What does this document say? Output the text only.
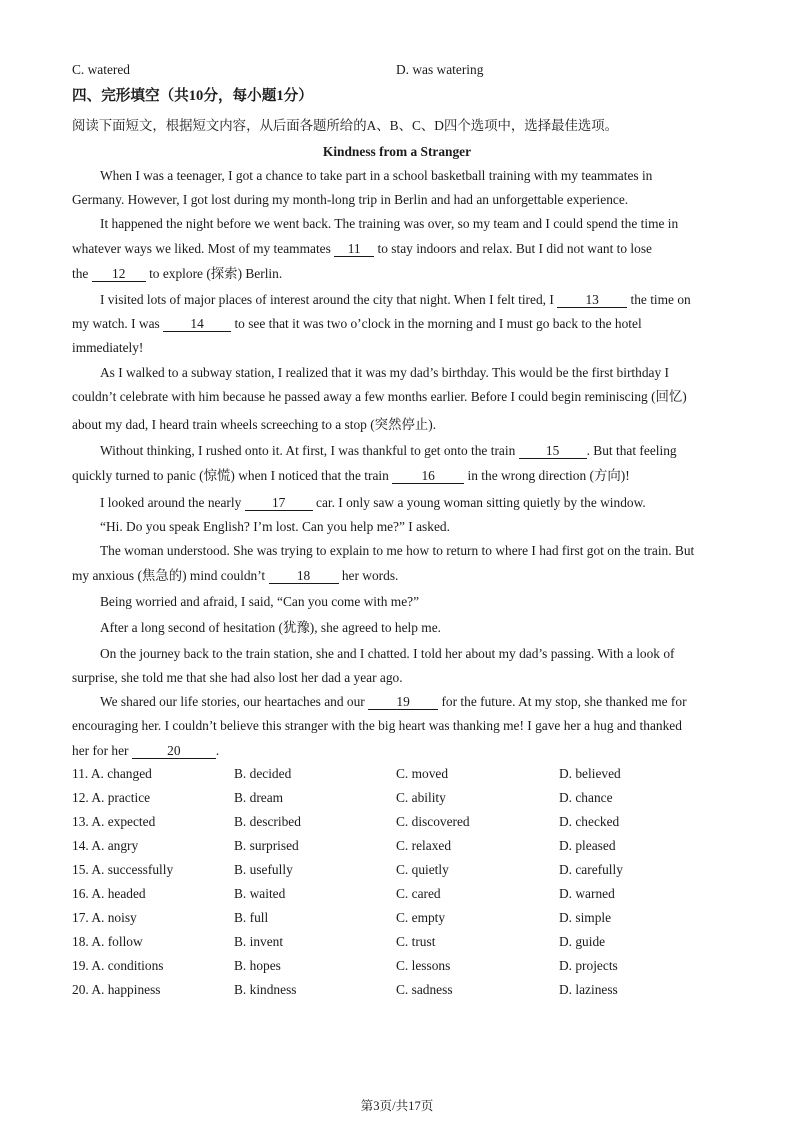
C. watered	D. was watering
四、完形填空（共10分，每小题1分）
阅读下面短文，根据短文内容，从后面各题所给的A、B、C、D四个选项中，选择最佳选项。
Kindness from a Stranger
When I was a teenager, I got a chance to take part in a school basketball training with my teammates in
Germany. However, I got lost during my month-long trip in Berlin and had an unforgettable experience.
It happened the night before we went back. The training was over, so my team and I could spend the time in
whatever ways we liked. Most of my teammates 11 to stay indoors and relax. But I did not want to lose
the 12 to explore (探索) Berlin.
I visited lots of major places of interest around the city that night. When I felt tired, I 13 the time on
my watch. I was 14 to see that it was two o’clock in the morning and I must go back to the hotel
immediately!
As I walked to a subway station, I realized that it was my dad’s birthday. This would be the first birthday I
couldn’t celebrate with him because he passed away a few months earlier. Before I could begin reminiscing (回忆)
about my dad, I heard train wheels screeching to a stop (突然停止).
Without thinking, I rushed onto it. At first, I was thankful to get onto the train 15 . But that feeling
quickly turned to panic (惊慌) when I noticed that the train 16 in the wrong direction (方向)!
I looked around the nearly 17 car. I only saw a young woman sitting quietly by the window.
“Hi. Do you speak English? I’m lost. Can you help me?” I asked.
The woman understood. She was trying to explain to me how to return to where I had first got on the train. But
my anxious (焦急的) mind couldn’t 18 her words.
Being worried and afraid, I said, “Can you come with me?”
After a long second of hesitation (犹豫), she agreed to help me.
On the journey back to the train station, she and I chatted. I told her about my dad’s passing. With a look of
surprise, she told me that she had also lost her dad a year ago.
We shared our life stories, our heartaches and our 19 for the future. At my stop, she thanked me for
encouraging her. I couldn’t believe this stranger with the big heart was thanking me! I gave her a hug and thanked
her for her	20	.
11. A. changed	B. decided	C. moved	D. believed
12. A. practice	B. dream	C. ability	D. chance
13. A. expected	B. described	C. discovered	D. checked
14. A. angry	B. surprised	C. relaxed	D. pleased
15. A. successfully	B. usefully	C. quietly	D. carefully
16. A. headed	B. waited	C. cared	D. warned
17. A. noisy	B. full	C. empty	D. simple
18. A. follow	B. invent	C. trust	D. guide
19. A. conditions	B. hopes	C. lessons	D. projects
20. A. happiness	B. kindness	C. sadness	D. laziness
第3页/共17页
